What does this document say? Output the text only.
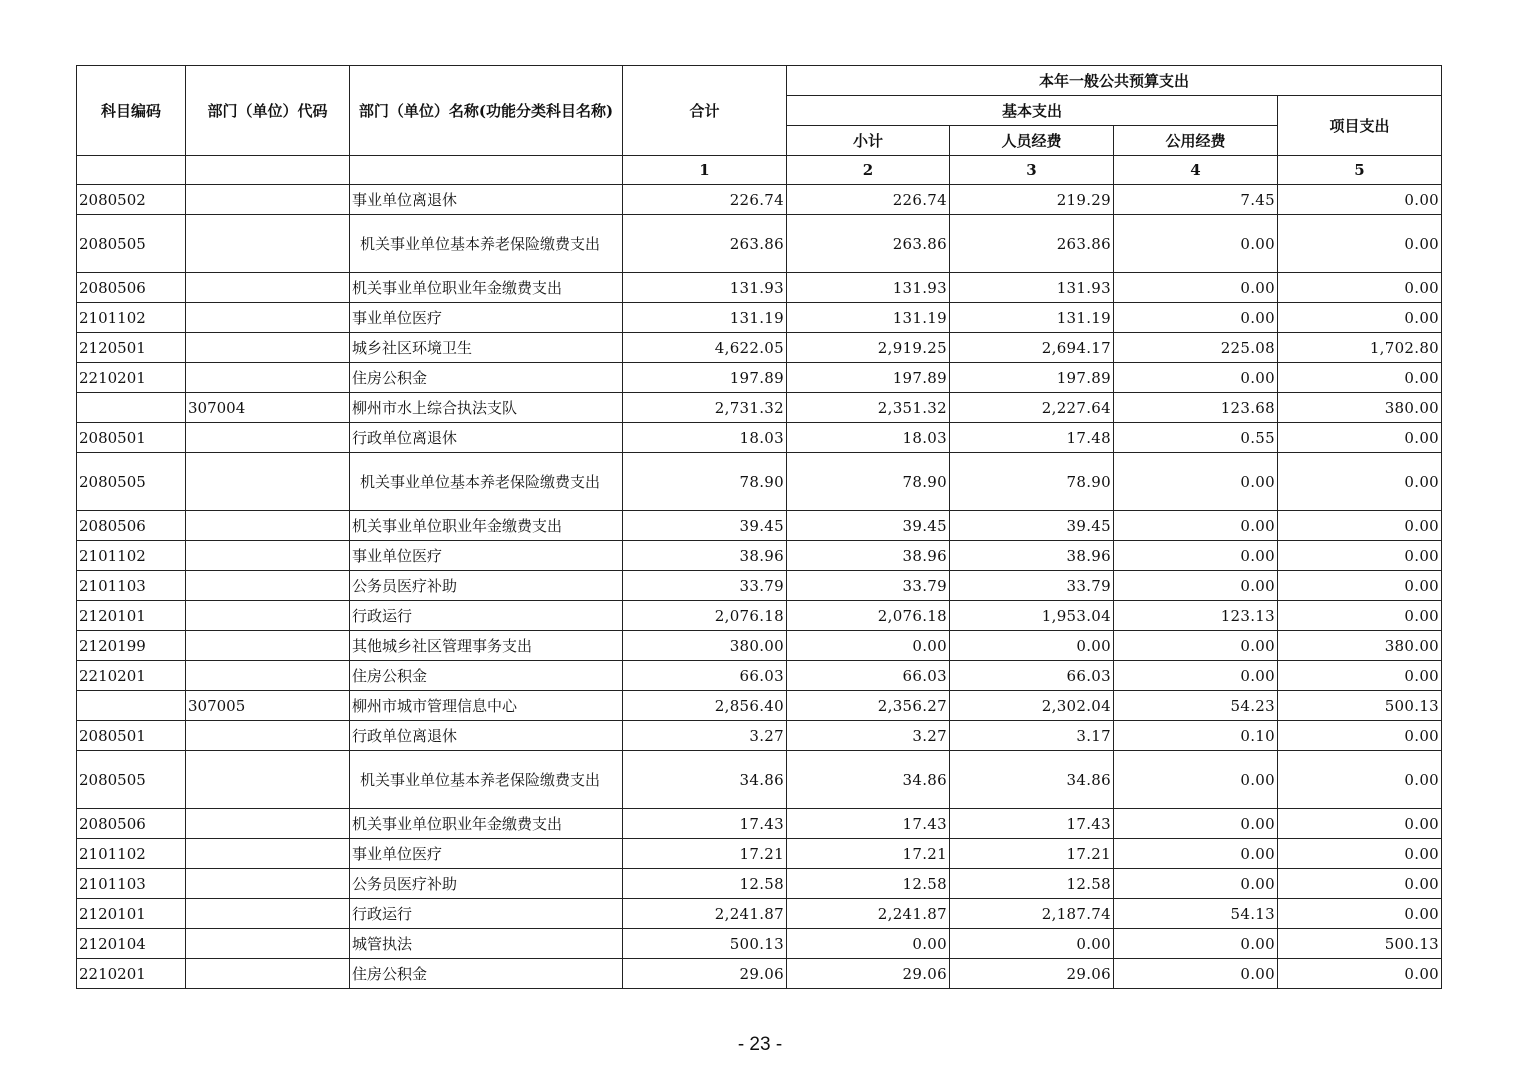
科目编码	部门（单位）代码	部门（单位）名称(功能分类科目名称)	合计	本年一般公共预算支出			
				基本支出			项目支出
				小计	人员经费	公用经费	
			1	2	3	4	5
2080502		事业单位离退休	226.74	226.74	219.29	7.45	0.00
2080505		机关事业单位基本养老保险缴费支出	263.86	263.86	263.86	0.00	0.00
2080506		机关事业单位职业年金缴费支出	131.93	131.93	131.93	0.00	0.00
2101102		事业单位医疗	131.19	131.19	131.19	0.00	0.00
2120501		城乡社区环境卫生	4,622.05	2,919.25	2,694.17	225.08	1,702.80
2210201		住房公积金	197.89	197.89	197.89	0.00	0.00
	307004	柳州市水上综合执法支队	2,731.32	2,351.32	2,227.64	123.68	380.00
2080501		行政单位离退休	18.03	18.03	17.48	0.55	0.00
2080505		机关事业单位基本养老保险缴费支出	78.90	78.90	78.90	0.00	0.00
2080506		机关事业单位职业年金缴费支出	39.45	39.45	39.45	0.00	0.00
2101102		事业单位医疗	38.96	38.96	38.96	0.00	0.00
2101103		公务员医疗补助	33.79	33.79	33.79	0.00	0.00
2120101		行政运行	2,076.18	2,076.18	1,953.04	123.13	0.00
2120199		其他城乡社区管理事务支出	380.00	0.00	0.00	0.00	380.00
2210201		住房公积金	66.03	66.03	66.03	0.00	0.00
	307005	柳州市城市管理信息中心	2,856.40	2,356.27	2,302.04	54.23	500.13
2080501		行政单位离退休	3.27	3.27	3.17	0.10	0.00
2080505		机关事业单位基本养老保险缴费支出	34.86	34.86	34.86	0.00	0.00
2080506		机关事业单位职业年金缴费支出	17.43	17.43	17.43	0.00	0.00
2101102		事业单位医疗	17.21	17.21	17.21	0.00	0.00
2101103		公务员医疗补助	12.58	12.58	12.58	0.00	0.00
2120101		行政运行	2,241.87	2,241.87	2,187.74	54.13	0.00
2120104		城管执法	500.13	0.00	0.00	0.00	500.13
2210201		住房公积金	29.06	29.06	29.06	0.00	0.00
- 23 -
